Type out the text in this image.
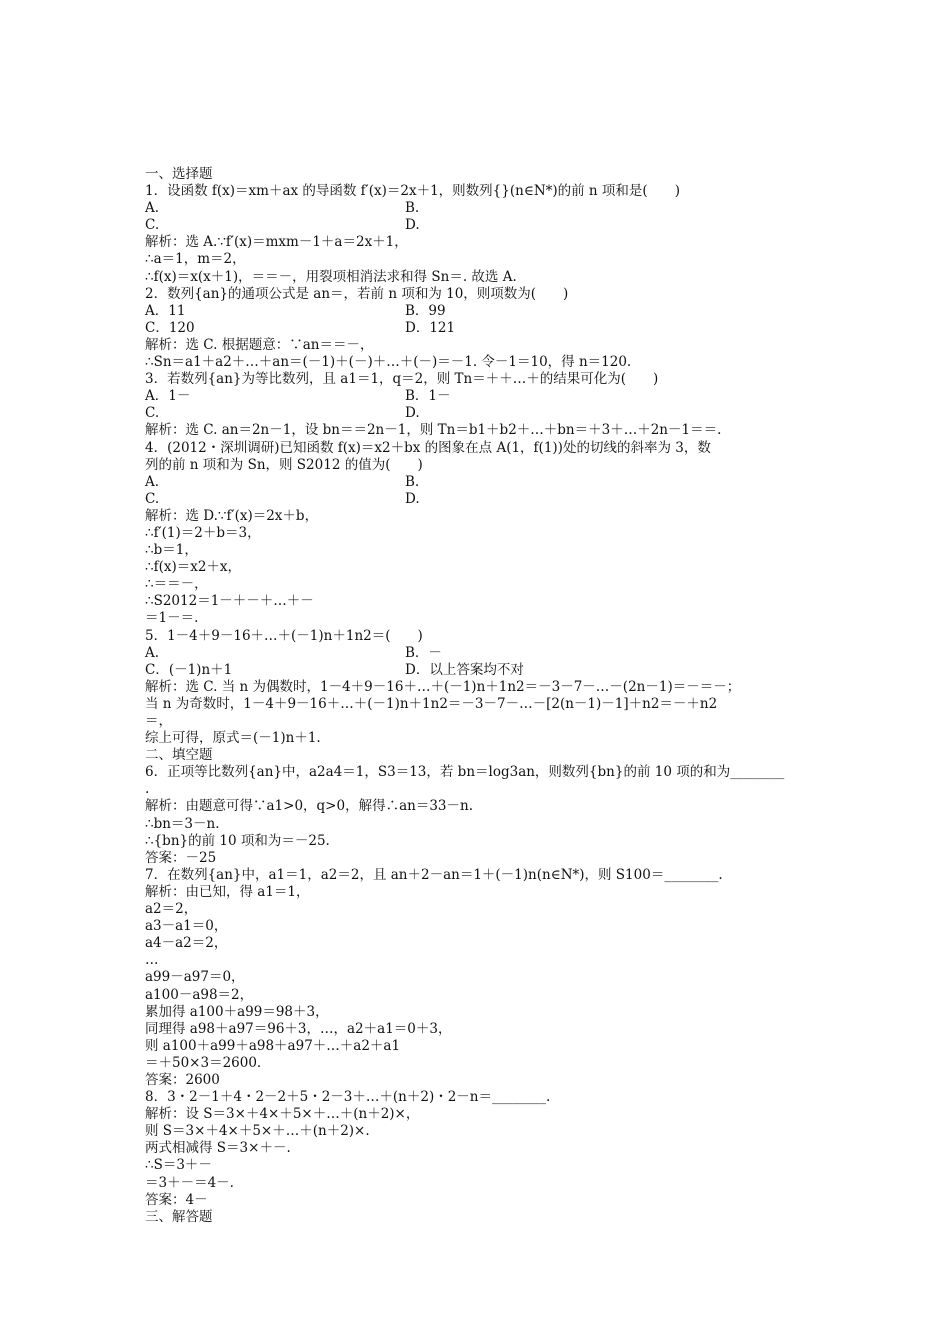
一、选择题
1．设函数 f(x)＝xm＋ax 的导函数 f′(x)＝2x＋1，则数列{}(n∈N*)的前 n 项和是(　　)
A.	B.
C.	D.
解析：选 A.∵f′(x)＝mxm－1＋a＝2x＋1，
∴a＝1，m＝2，
∴f(x)＝x(x＋1)，＝＝－，用裂项相消法求和得 Sn＝. 故选 A.
2．数列{an}的通项公式是 an＝，若前 n 项和为 10，则项数为(　　)
A．11	B．99
C．120	D．121
解析：选 C. 根据题意：∵an＝＝－，
∴Sn＝a1＋a2＋…＋an＝(－1)＋(－)＋…＋(－)＝－1. 令－1＝10，得 n＝120.
3．若数列{an}为等比数列，且 a1＝1，q＝2，则 Tn＝＋＋…＋的结果可化为(　　)
A．1－	B．1－
C.	D.
解析：选 C. an＝2n－1，设 bn＝＝2n－1，则 Tn＝b1＋b2＋…＋bn＝＋3＋…＋2n－1＝＝.
4．(2012・深圳调研)已知函数 f(x)＝x2＋bx 的图象在点 A(1，f(1))处的切线的斜率为 3，数
列的前 n 项和为 Sn，则 S2012 的值为(　　)
A.	B.
C.	D.
解析：选 D.∵f′(x)＝2x＋b，
∴f′(1)＝2＋b＝3，
∴b＝1，
∴f(x)＝x2＋x，
∴＝＝－，
∴S2012＝1－＋－＋…＋－
＝1－＝.
5．1－4＋9－16＋…＋(－1)n＋1n2＝(　　)
A.	B．－
C．(－1)n＋1	D．以上答案均不对
解析：选 C. 当 n 为偶数时，1－4＋9－16＋…＋(－1)n＋1n2＝－3－7－…－(2n－1)＝－＝－；
当 n 为奇数时，1－4＋9－16＋…＋(－1)n＋1n2＝－3－7－…－[2(n－1)－1]＋n2＝－＋n2
＝，
综上可得，原式＝(－1)n＋1.
二、填空题
6．正项等比数列{an}中，a2a4＝1，S3＝13，若 bn＝log3an，则数列{bn}的前 10 项的和为________
.
解析：由题意可得∵a1>0，q>0，解得∴an＝33－n.
∴bn＝3－n.
∴{bn}的前 10 项和为＝－25.
答案：－25
7．在数列{an}中，a1＝1，a2＝2，且 an＋2－an＝1＋(－1)n(n∈N*)，则 S100＝________.
解析：由已知，得 a1＝1，
a2＝2，
a3－a1＝0，
a4－a2＝2，
…
a99－a97＝0，
a100－a98＝2，
累加得 a100＋a99＝98＋3，
同理得 a98＋a97＝96＋3，…，a2＋a1＝0＋3，
则 a100＋a99＋a98＋a97＋…＋a2＋a1
＝＋50×3＝2600.
答案：2600
8．3・2－1＋4・2－2＋5・2－3＋…＋(n＋2)・2－n＝________.
解析：设 S＝3×＋4×＋5×＋…＋(n＋2)×，
则 S＝3×＋4×＋5×＋…＋(n＋2)×.
两式相减得 S＝3×＋－.
∴S＝3＋－
＝3＋－＝4－.
答案：4－
三、解答题
